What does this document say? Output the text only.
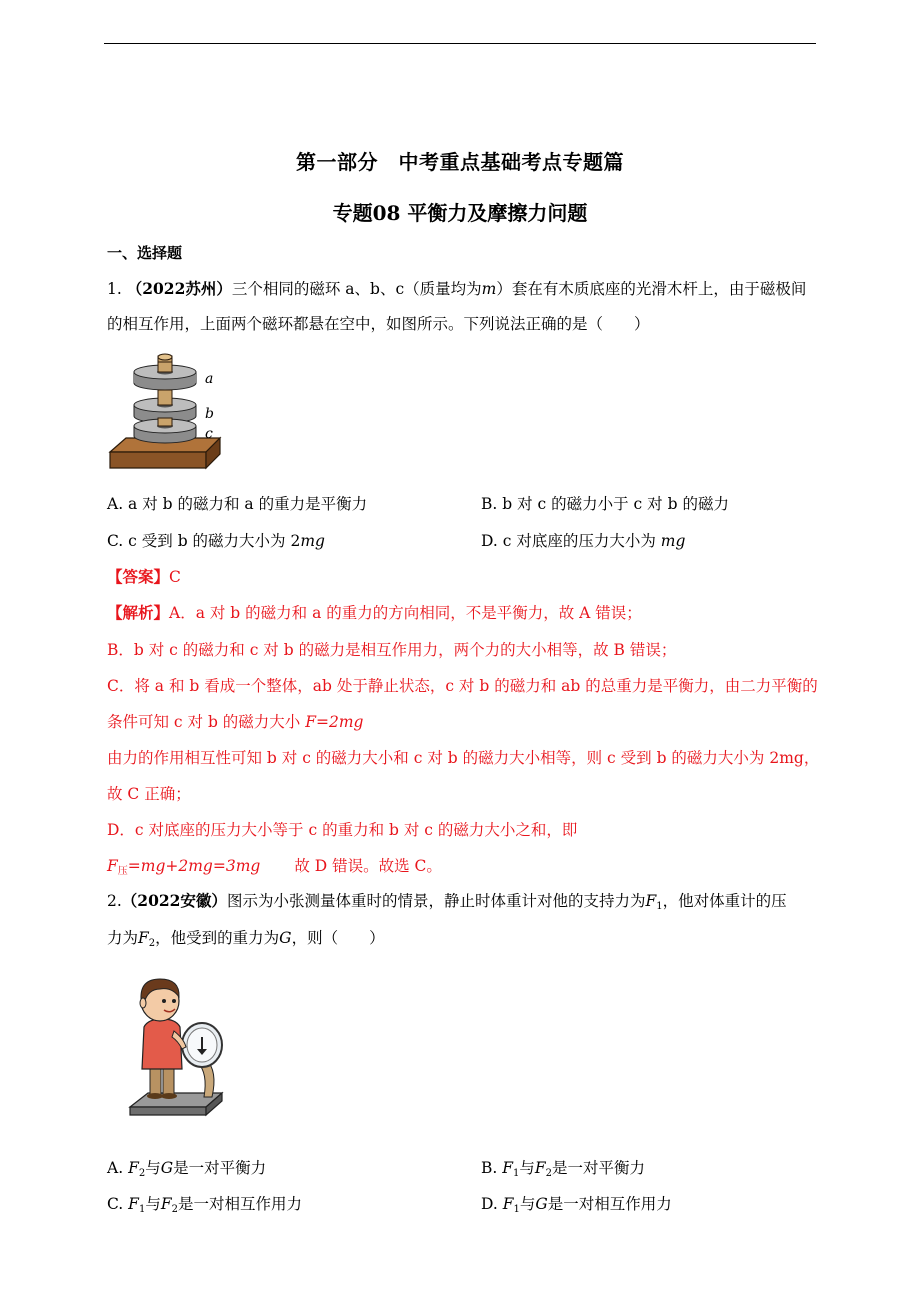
第一部分　中考重点基础考点专题篇
专题08 平衡力及摩擦力问题
一、选择题
1. （2022苏州）三个相同的磁环 a、b、c（质量均为m）套在有木质底座的光滑木杆上，由于磁极间
的相互作用，上面两个磁环都悬在空中，如图所示。下列说法正确的是（　　）
a
b
c
A. a 对 b 的磁力和 a 的重力是平衡力	B. b 对 c 的磁力小于 c 对 b 的磁力
C. c 受到 b 的磁力大小为 2mg	D. c 对底座的压力大小为 mg
【答案】C
【解析】A．a 对 b 的磁力和 a 的重力的方向相同，不是平衡力，故 A 错误；
B．b 对 c 的磁力和 c 对 b 的磁力是相互作用力，两个力的大小相等，故 B 错误；
C．将 a 和 b 看成一个整体，ab 处于静止状态，c 对 b 的磁力和 ab 的总重力是平衡力，由二力平衡的
条件可知 c 对 b 的磁力大小 F=2mg
由力的作用相互性可知 b 对 c 的磁力大小和 c 对 b 的磁力大小相等，则 c 受到 b 的磁力大小为 2mg，
故 C 正确；
D．c 对底座的压力大小等于 c 的重力和 b 对 c 的磁力大小之和，即
$F_压=mg+2mg=3mg$ 故 D 错误。故选 C。
2.（2022安徽）图示为小张测量体重时的情景，静止时体重计对他的支持力为$F_1$，他对体重计的压
力为$F_2$，他受到的重力为G，则（　　）
A. $F_2$与G是一对平衡力	B. $F_1$与$F_2$是一对平衡力
C. $F_1$与$F_2$是一对相互作用力	D. $F_1$与G是一对相互作用力
